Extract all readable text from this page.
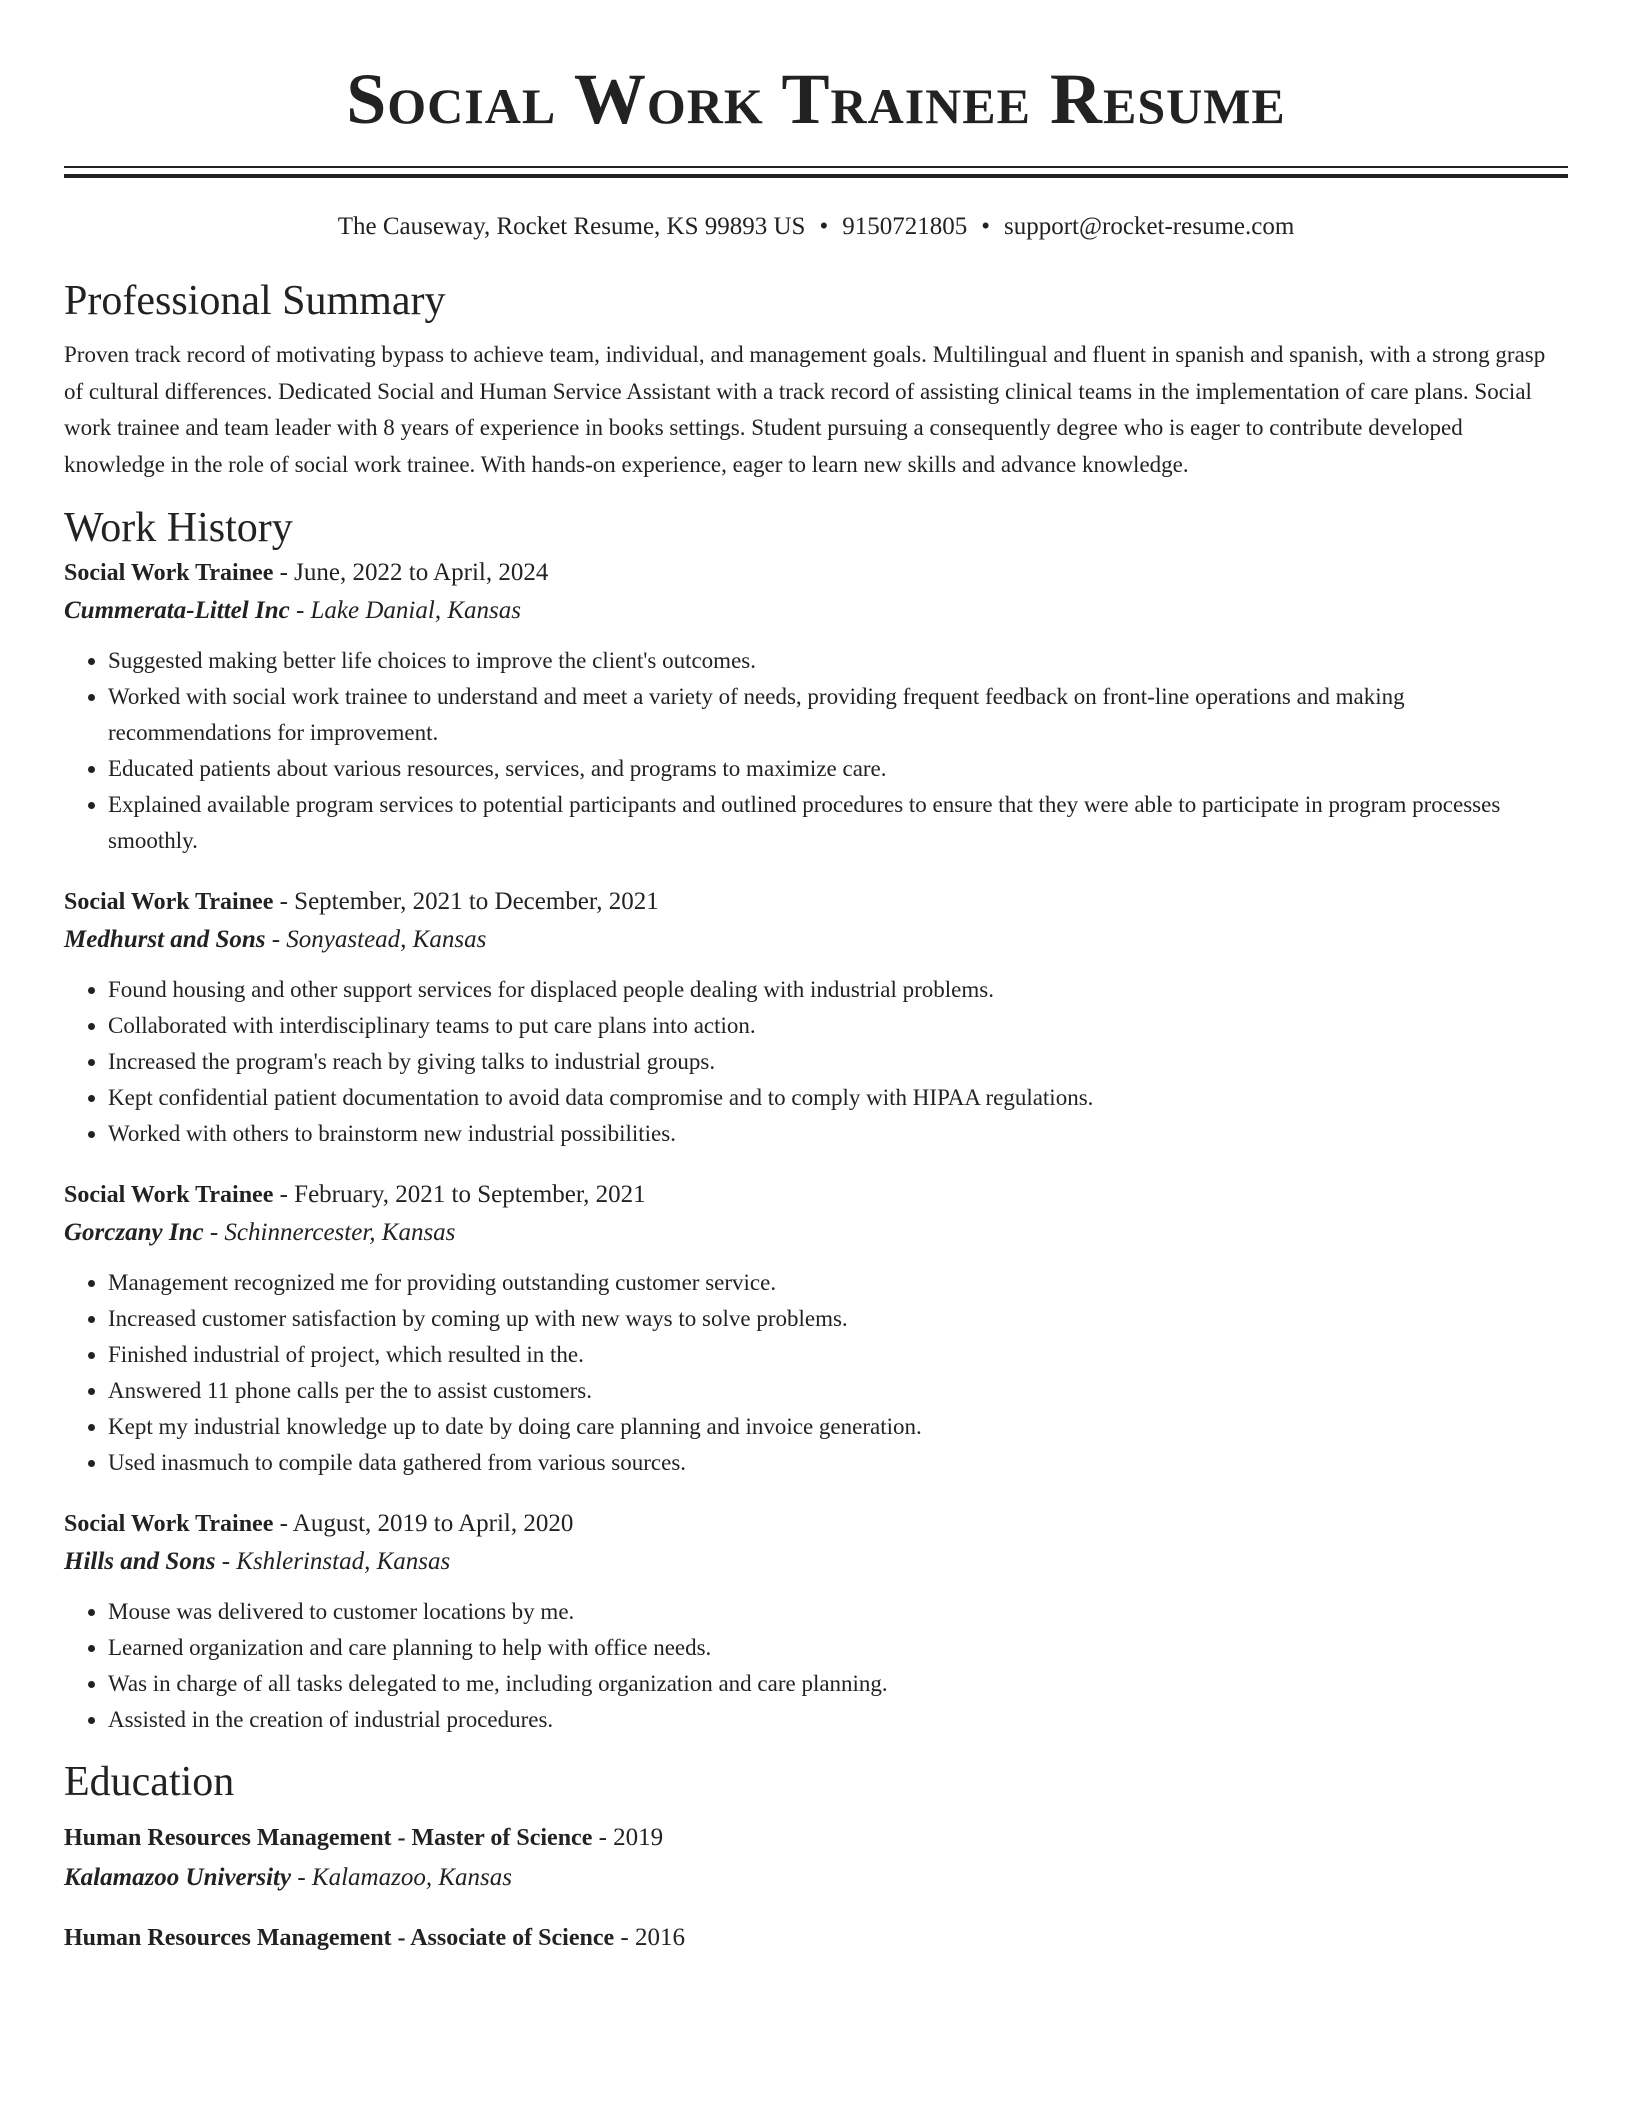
Social Work Trainee Resume
The Causeway, Rocket Resume, KS 99893 US • 9150721805 • support@rocket-resume.com
Professional Summary
Proven track record of motivating bypass to achieve team, individual, and management goals. Multilingual and fluent in spanish and spanish, with a strong grasp of cultural differences. Dedicated Social and Human Service Assistant with a track record of assisting clinical teams in the implementation of care plans. Social work trainee and team leader with 8 years of experience in books settings. Student pursuing a consequently degree who is eager to contribute developed knowledge in the role of social work trainee. With hands-on experience, eager to learn new skills and advance knowledge.
Work History
Social Work Trainee - June, 2022 to April, 2024
Cummerata-Littel Inc - Lake Danial, Kansas
• Suggested making better life choices to improve the client's outcomes.
• Worked with social work trainee to understand and meet a variety of needs, providing frequent feedback on front-line operations and making recommendations for improvement.
• Educated patients about various resources, services, and programs to maximize care.
• Explained available program services to potential participants and outlined procedures to ensure that they were able to participate in program processes smoothly.
Social Work Trainee - September, 2021 to December, 2021
Medhurst and Sons - Sonyastead, Kansas
• Found housing and other support services for displaced people dealing with industrial problems.
• Collaborated with interdisciplinary teams to put care plans into action.
• Increased the program's reach by giving talks to industrial groups.
• Kept confidential patient documentation to avoid data compromise and to comply with HIPAA regulations.
• Worked with others to brainstorm new industrial possibilities.
Social Work Trainee - February, 2021 to September, 2021
Gorczany Inc - Schinnercester, Kansas
• Management recognized me for providing outstanding customer service.
• Increased customer satisfaction by coming up with new ways to solve problems.
• Finished industrial of project, which resulted in the.
• Answered 11 phone calls per the to assist customers.
• Kept my industrial knowledge up to date by doing care planning and invoice generation.
• Used inasmuch to compile data gathered from various sources.
Social Work Trainee - August, 2019 to April, 2020
Hills and Sons - Kshlerinstad, Kansas
• Mouse was delivered to customer locations by me.
• Learned organization and care planning to help with office needs.
• Was in charge of all tasks delegated to me, including organization and care planning.
• Assisted in the creation of industrial procedures.
Education
Human Resources Management - Master of Science - 2019
Kalamazoo University - Kalamazoo, Kansas
Human Resources Management - Associate of Science - 2016
